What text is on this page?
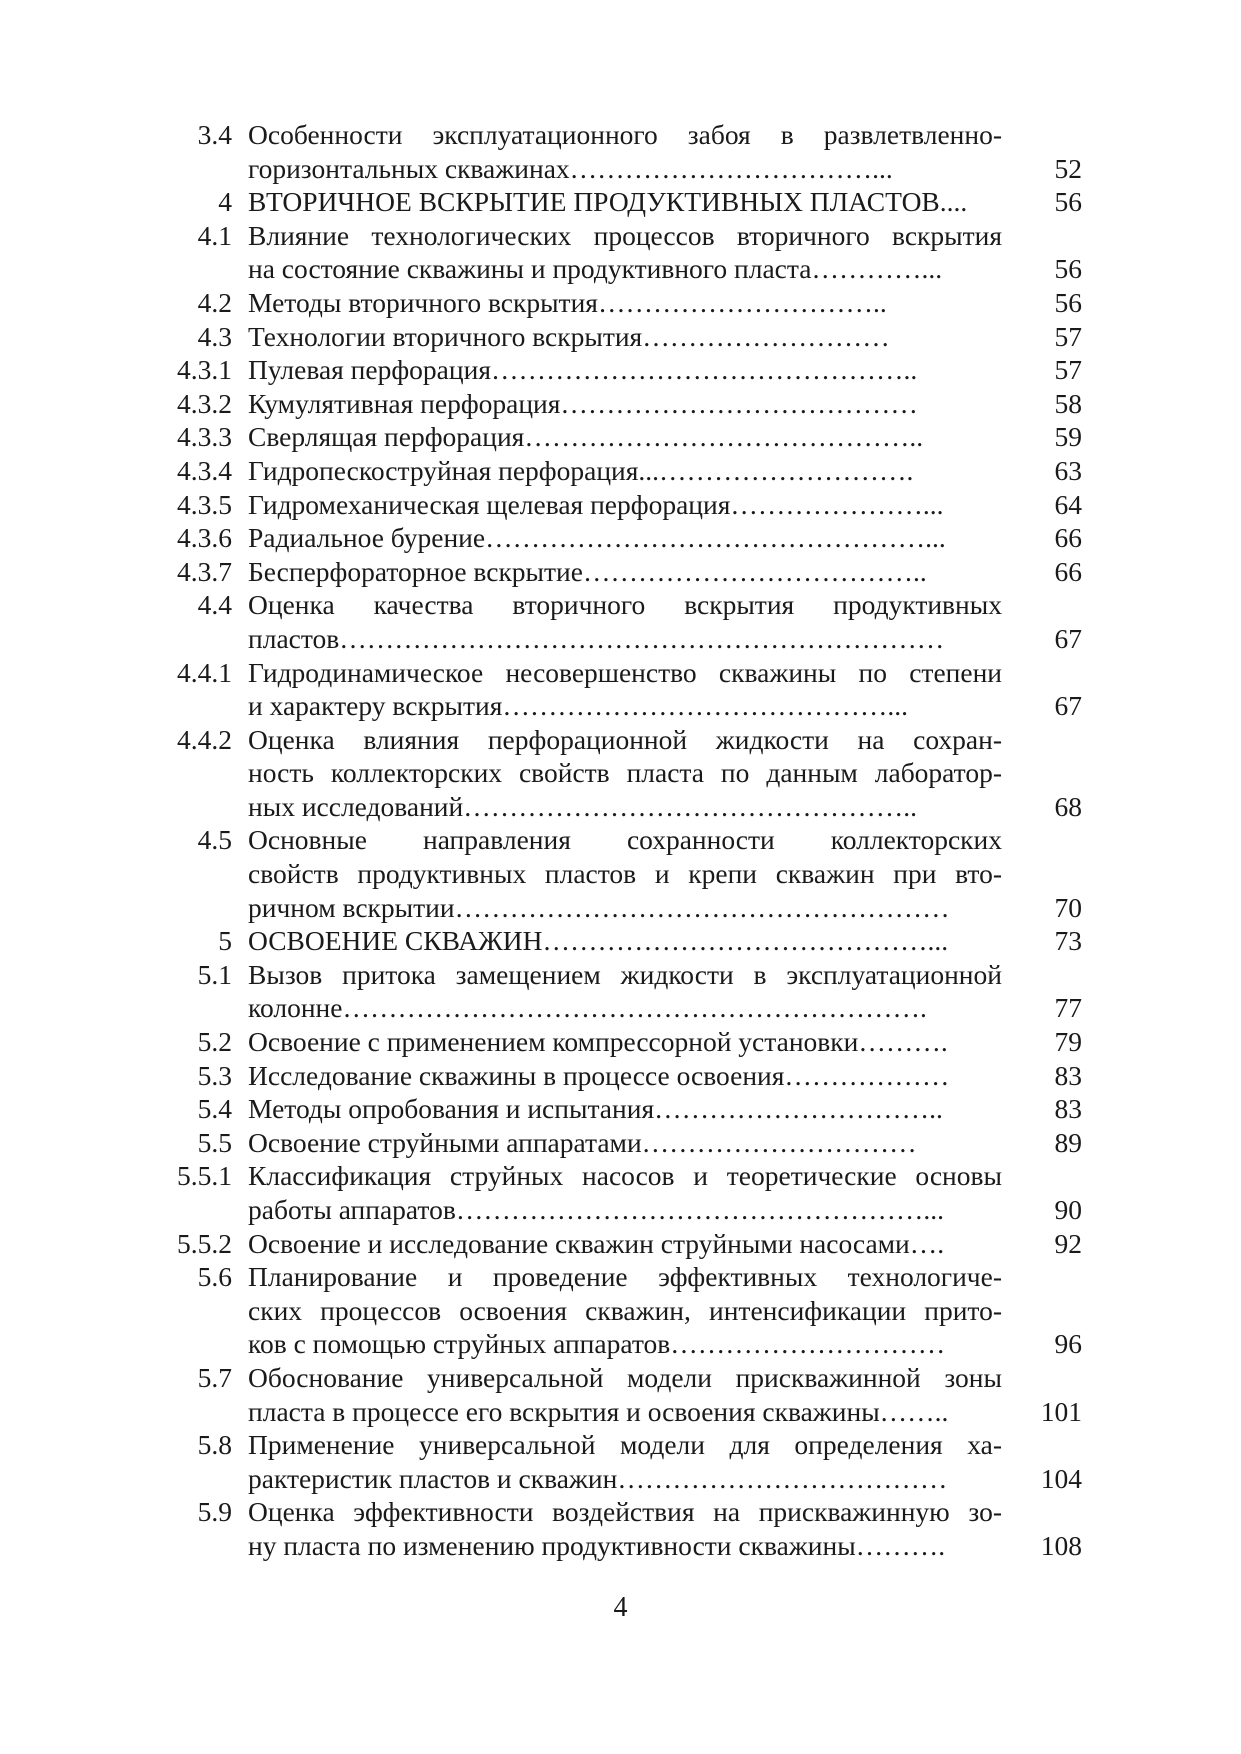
3.4 Особенности эксплуатационного забоя в развлетвленно-
горизонтальных скважинах……………………………...	52
4 ВТОРИЧНОЕ ВСКРЫТИЕ ПРОДУКТИВНЫХ ПЛАСТОВ....	56
4.1 Влияние технологических процессов вторичного вскрытия
на состояние скважины и продуктивного пласта…………...	56
4.2 Методы вторичного вскрытия…………………………..	56
4.3 Технологии вторичного вскрытия………………………	57
4.3.1 Пулевая перфорация………………………………………..	57
4.3.2 Кумулятивная перфорация…………………………………	58
4.3.3 Сверлящая перфорация……………………………………..	59
4.3.4 Гидропескоструйная перфорация...……………………….	63
4.3.5 Гидромеханическая щелевая перфорация…………………...	64
4.3.6 Радиальное бурение…………………………………………...	66
4.3.7 Бесперфораторное вскрытие………………………………..	66
4.4 Оценка качества вторичного вскрытия продуктивных
пластов…………………………………………………………	67
4.4.1 Гидродинамическое несовершенство скважины по степени
и характеру вскрытия……………………………………...	67
4.4.2 Оценка влияния перфорационной жидкости на сохран-
ность коллекторских свойств пласта по данным лаборатор-
ных исследований…………………………………………..	68
4.5 Основные направления сохранности коллекторских
свойств продуктивных пластов и крепи скважин при вто-
ричном вскрытии………………………………………………	70
5 ОСВОЕНИЕ СКВАЖИН……………………………………...	73
5.1 Вызов притока замещением жидкости в эксплуатационной
колонне……………………………………………………….	77
5.2 Освоение с применением компрессорной установки……….	79
5.3 Исследование скважины в процессе освоения………………	83
5.4 Методы опробования и испытания…………………………..	83
5.5 Освоение струйными аппаратами…………………………	89
5.5.1 Классификация струйных насосов и теоретические основы
работы аппаратов……………………………………………...	90
5.5.2 Освоение и исследование скважин струйными насосами….	92
5.6 Планирование и проведение эффективных технологиче-
ских процессов освоения скважин, интенсификации прито-
ков с помощью струйных аппаратов…………………………	96
5.7 Обоснование универсальной модели прискважинной зоны
пласта в процессе его вскрытия и освоения скважины……..	101
5.8 Применение универсальной модели для определения ха-
рактеристик пластов и скважин………………………………	104
5.9 Оценка эффективности воздействия на прискважинную зо-
ну пласта по изменению продуктивности скважины……….	108
4
